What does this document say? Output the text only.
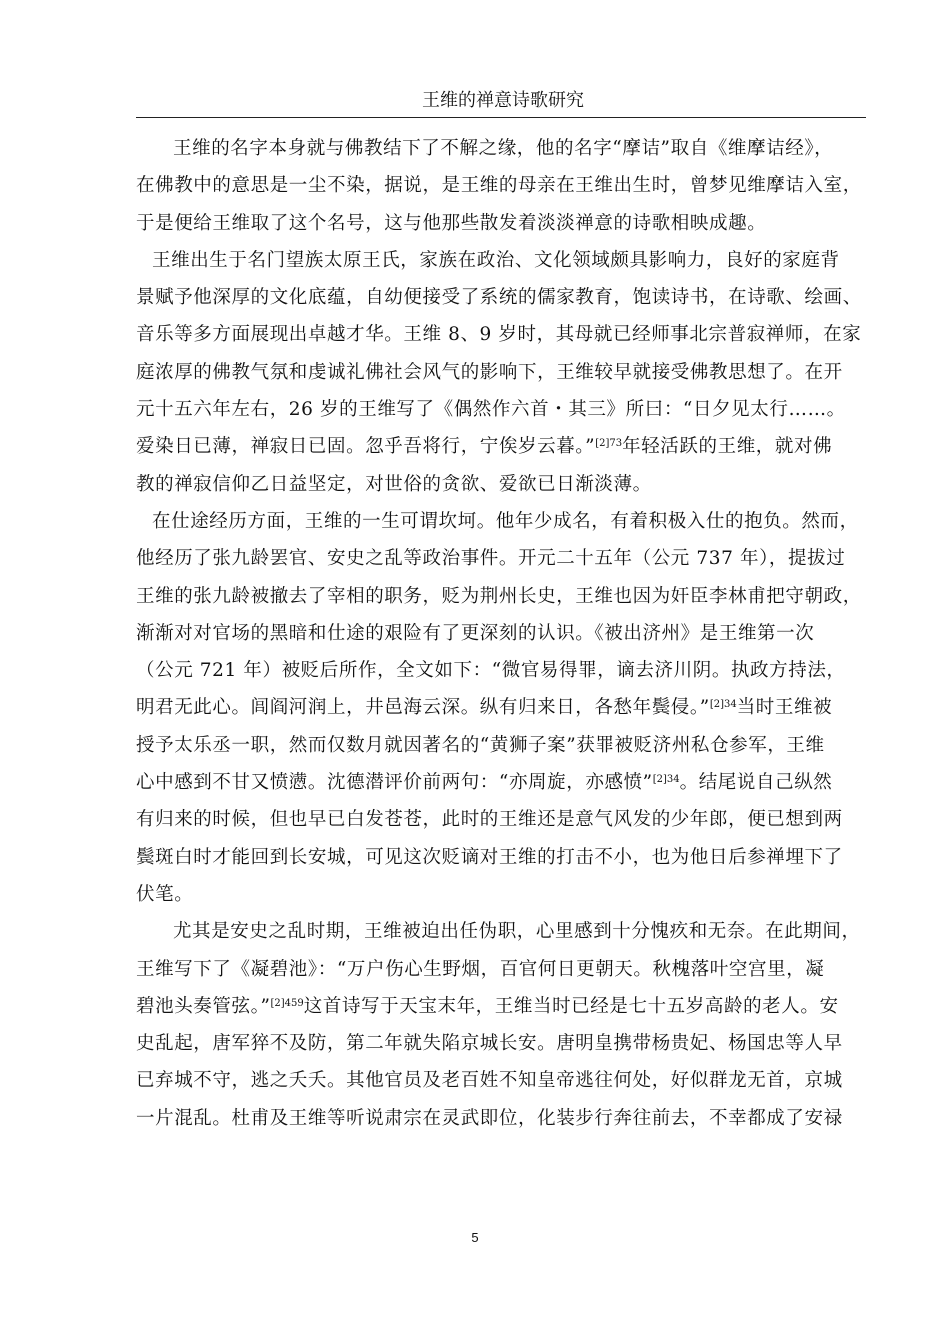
王维的禅意诗歌研究
王维的名字本身就与佛教结下了不解之缘，他的名字“摩诘”取自《维摩诘经》，
在佛教中的意思是一尘不染，据说，是王维的母亲在王维出生时，曾梦见维摩诘入室，
于是便给王维取了这个名号，这与他那些散发着淡淡禅意的诗歌相映成趣。
王维出生于名门望族太原王氏，家族在政治、文化领域颇具影响力，良好的家庭背
景赋予他深厚的文化底蕴，自幼便接受了系统的儒家教育，饱读诗书，在诗歌、绘画、
音乐等多方面展现出卓越才华。王维 8、9 岁时，其母就已经师事北宗普寂禅师，在家
庭浓厚的佛教气氛和虔诚礼佛社会风气的影响下，王维较早就接受佛教思想了。在开
元十五六年左右，26 岁的王维写了《偶然作六首・其三》所曰：“日夕见太行……。
爱染日已薄，禅寂日已固。忽乎吾将行，宁俟岁云暮。”$^{[2]73}$年轻活跃的王维，就对佛
教的禅寂信仰乙日益坚定，对世俗的贪欲、爱欲已日渐淡薄。
在仕途经历方面，王维的一生可谓坎坷。他年少成名，有着积极入仕的抱负。然而，
他经历了张九龄罢官、安史之乱等政治事件。开元二十五年（公元 737 年），提拔过
王维的张九龄被撤去了宰相的职务，贬为荆州长史，王维也因为奸臣李林甫把守朝政，
渐渐对对官场的黑暗和仕途的艰险有了更深刻的认识。《被出济州》是王维第一次
（公元 721 年）被贬后所作，全文如下：“微官易得罪，谪去济川阴。执政方持法，
明君无此心。闾阎河润上，井邑海云深。纵有归来日，各愁年鬓侵。”$^{[2]34}$当时王维被
授予太乐丞一职，然而仅数月就因著名的“黄狮子案”获罪被贬济州私仓参军，王维
心中感到不甘又愤懑。沈德潜评价前两句：“亦周旋，亦感愤”$^{[2]34}$。结尾说自己纵然
有归来的时候，但也早已白发苍苍，此时的王维还是意气风发的少年郎，便已想到两
鬓斑白时才能回到长安城，可见这次贬谪对王维的打击不小，也为他日后参禅埋下了
伏笔。
尤其是安史之乱时期，王维被迫出任伪职，心里感到十分愧疚和无奈。在此期间，
王维写下了《凝碧池》：“万户伤心生野烟，百官何日更朝天。秋槐落叶空宫里，凝
碧池头奏管弦。”$^{[2]459}$这首诗写于天宝末年，王维当时已经是七十五岁高龄的老人。安
史乱起，唐军猝不及防，第二年就失陷京城长安。唐明皇携带杨贵妃、杨国忠等人早
已弃城不守，逃之夭夭。其他官员及老百姓不知皇帝逃往何处，好似群龙无首，京城
一片混乱。杜甫及王维等听说肃宗在灵武即位，化装步行奔往前去，不幸都成了安禄
5
